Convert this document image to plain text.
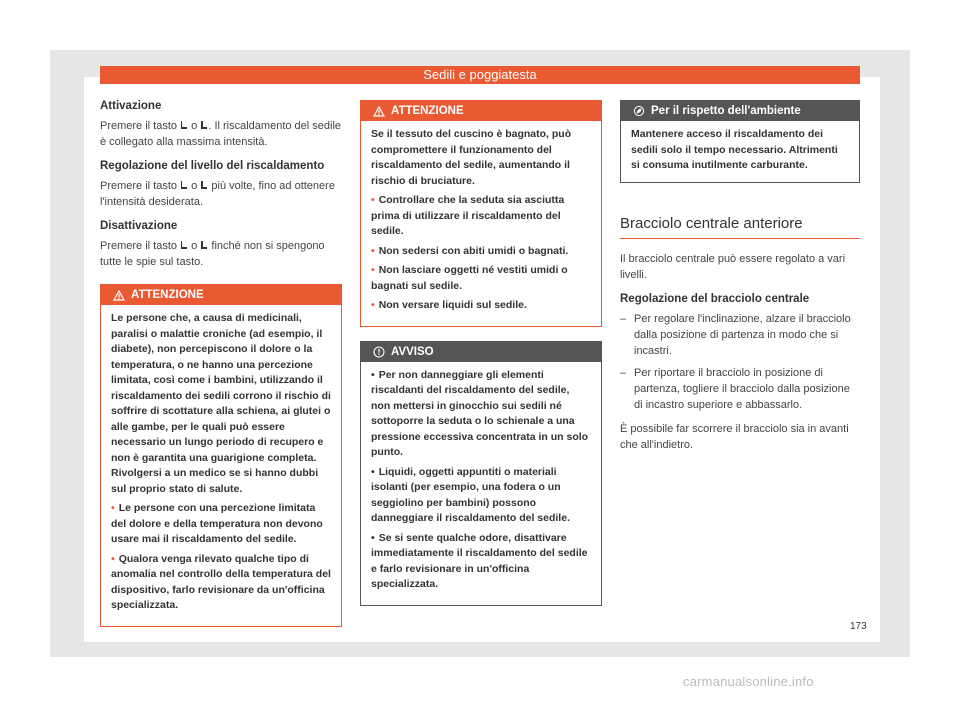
Sedili e poggiatesta
Attivazione
Premere il tasto o . Il riscaldamento del sedile è collegato alla massima intensità.
Regolazione del livello del riscaldamento
Premere il tasto o più volte, fino ad ottenere l'intensità desiderata.
Disattivazione
Premere il tasto o finché non si spengono tutte le spie sul tasto.
ATTENZIONE
Le persone che, a causa di medicinali, paralisi o malattie croniche (ad esempio, il diabete), non percepiscono il dolore o la temperatura, o ne hanno una percezione limitata, così come i bambini, utilizzando il riscaldamento dei sedili corrono il rischio di soffrire di scottature alla schiena, ai glutei o alle gambe, per le quali può essere necessario un lungo periodo di recupero e non è garantita una guarigione completa. Rivolgersi a un medico se si hanno dubbi sul proprio stato di salute.
• Le persone con una percezione limitata del dolore e della temperatura non devono usare mai il riscaldamento del sedile.
• Qualora venga rilevato qualche tipo di anomalia nel controllo della temperatura del dispositivo, farlo revisionare da un'officina specializzata.
ATTENZIONE
Se il tessuto del cuscino è bagnato, può compromettere il funzionamento del riscaldamento del sedile, aumentando il rischio di bruciature.
• Controllare che la seduta sia asciutta prima di utilizzare il riscaldamento del sedile.
• Non sedersi con abiti umidi o bagnati.
• Non lasciare oggetti né vestiti umidi o bagnati sul sedile.
• Non versare liquidi sul sedile.
AVVISO
• Per non danneggiare gli elementi riscaldanti del riscaldamento del sedile, non mettersi in ginocchio sui sedili né sottoporre la seduta o lo schienale a una pressione eccessiva concentrata in un solo punto.
• Liquidi, oggetti appuntiti o materiali isolanti (per esempio, una fodera o un seggiolino per bambini) possono danneggiare il riscaldamento del sedile.
• Se si sente qualche odore, disattivare immediatamente il riscaldamento del sedile e farlo revisionare in un'officina specializzata.
Per il rispetto dell'ambiente
Mantenere acceso il riscaldamento dei sedili solo il tempo necessario. Altrimenti si consuma inutilmente carburante.
Bracciolo centrale anteriore
Il bracciolo centrale può essere regolato a vari livelli.
Regolazione del bracciolo centrale
– Per regolare l'inclinazione, alzare il bracciolo dalla posizione di partenza in modo che si incastri.
– Per riportare il bracciolo in posizione di partenza, togliere il bracciolo dalla posizione di incastro superiore e abbassarlo.
È possibile far scorrere il bracciolo sia in avanti che all'indietro.
173
carmanualsonline.info
